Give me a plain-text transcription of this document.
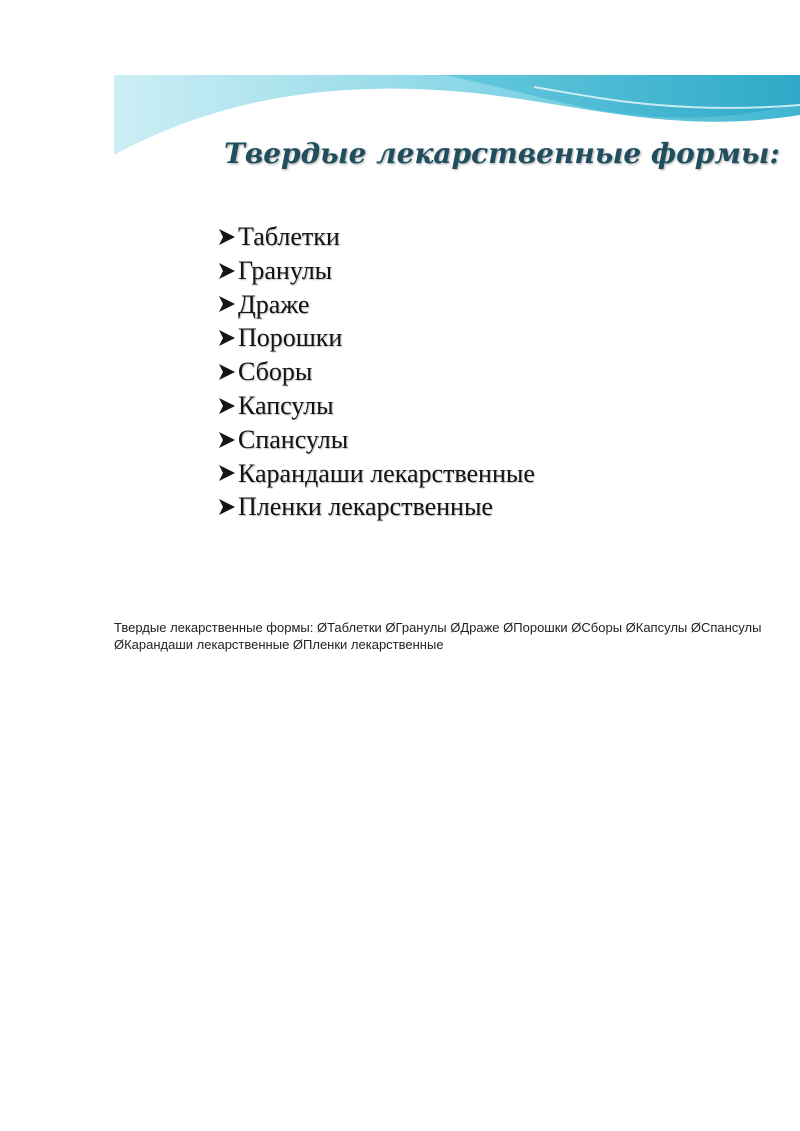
Твердые лекарственные формы:
Таблетки
Гранулы
Драже
Порошки
Сборы
Капсулы
Спансулы
Карандаши лекарственные
Пленки лекарственные
Твердые лекарственные формы: ØТаблетки ØГранулы ØДраже ØПорошки ØСборы ØКапсулы ØСпансулы ØКарандаши лекарственные ØПленки лекарственные
